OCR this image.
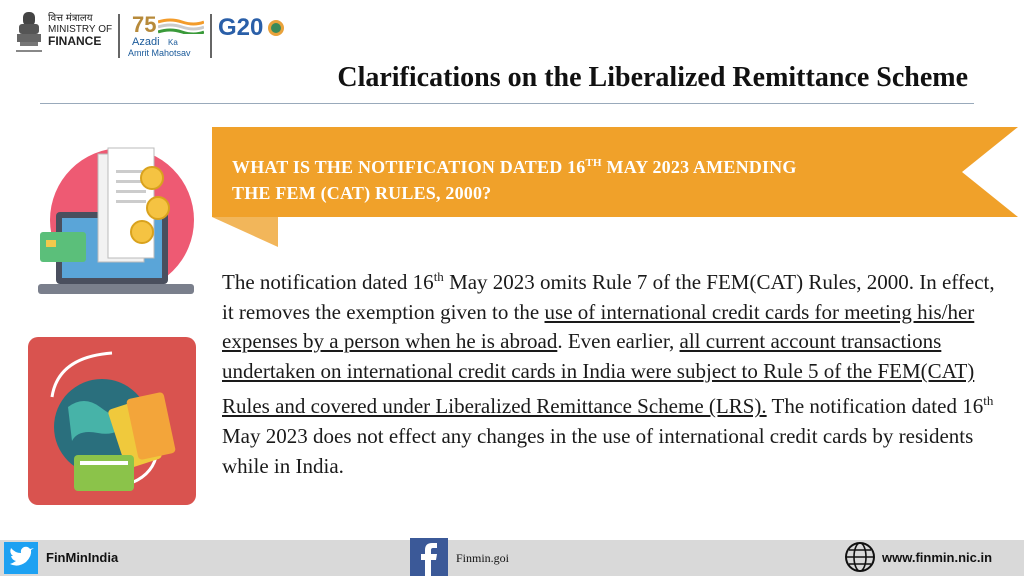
वित्त मंत्रालय
MINISTRY OF
FINANCE
75
Azadi Ka
Amrit Mahotsav
G20
Clarifications on the Liberalized Remittance Scheme
WHAT IS THE NOTIFICATION DATED 16TH MAY 2023 AMENDING
THE FEM (CAT) RULES, 2000?
The notification dated 16th May 2023 omits Rule 7 of the FEM(CAT) Rules, 2000. In effect, it removes the exemption given to the use of international credit cards for meeting his/her expenses by a person when he is abroad. Even earlier, all current account transactions undertaken on international credit cards in India were subject to Rule 5 of the FEM(CAT) Rules and covered under Liberalized Remittance Scheme (LRS). The notification dated 16th May 2023 does not effect any changes in the use of international credit cards by residents while in India.
FinMinIndia	Finmin.goi	www.finmin.nic.in
